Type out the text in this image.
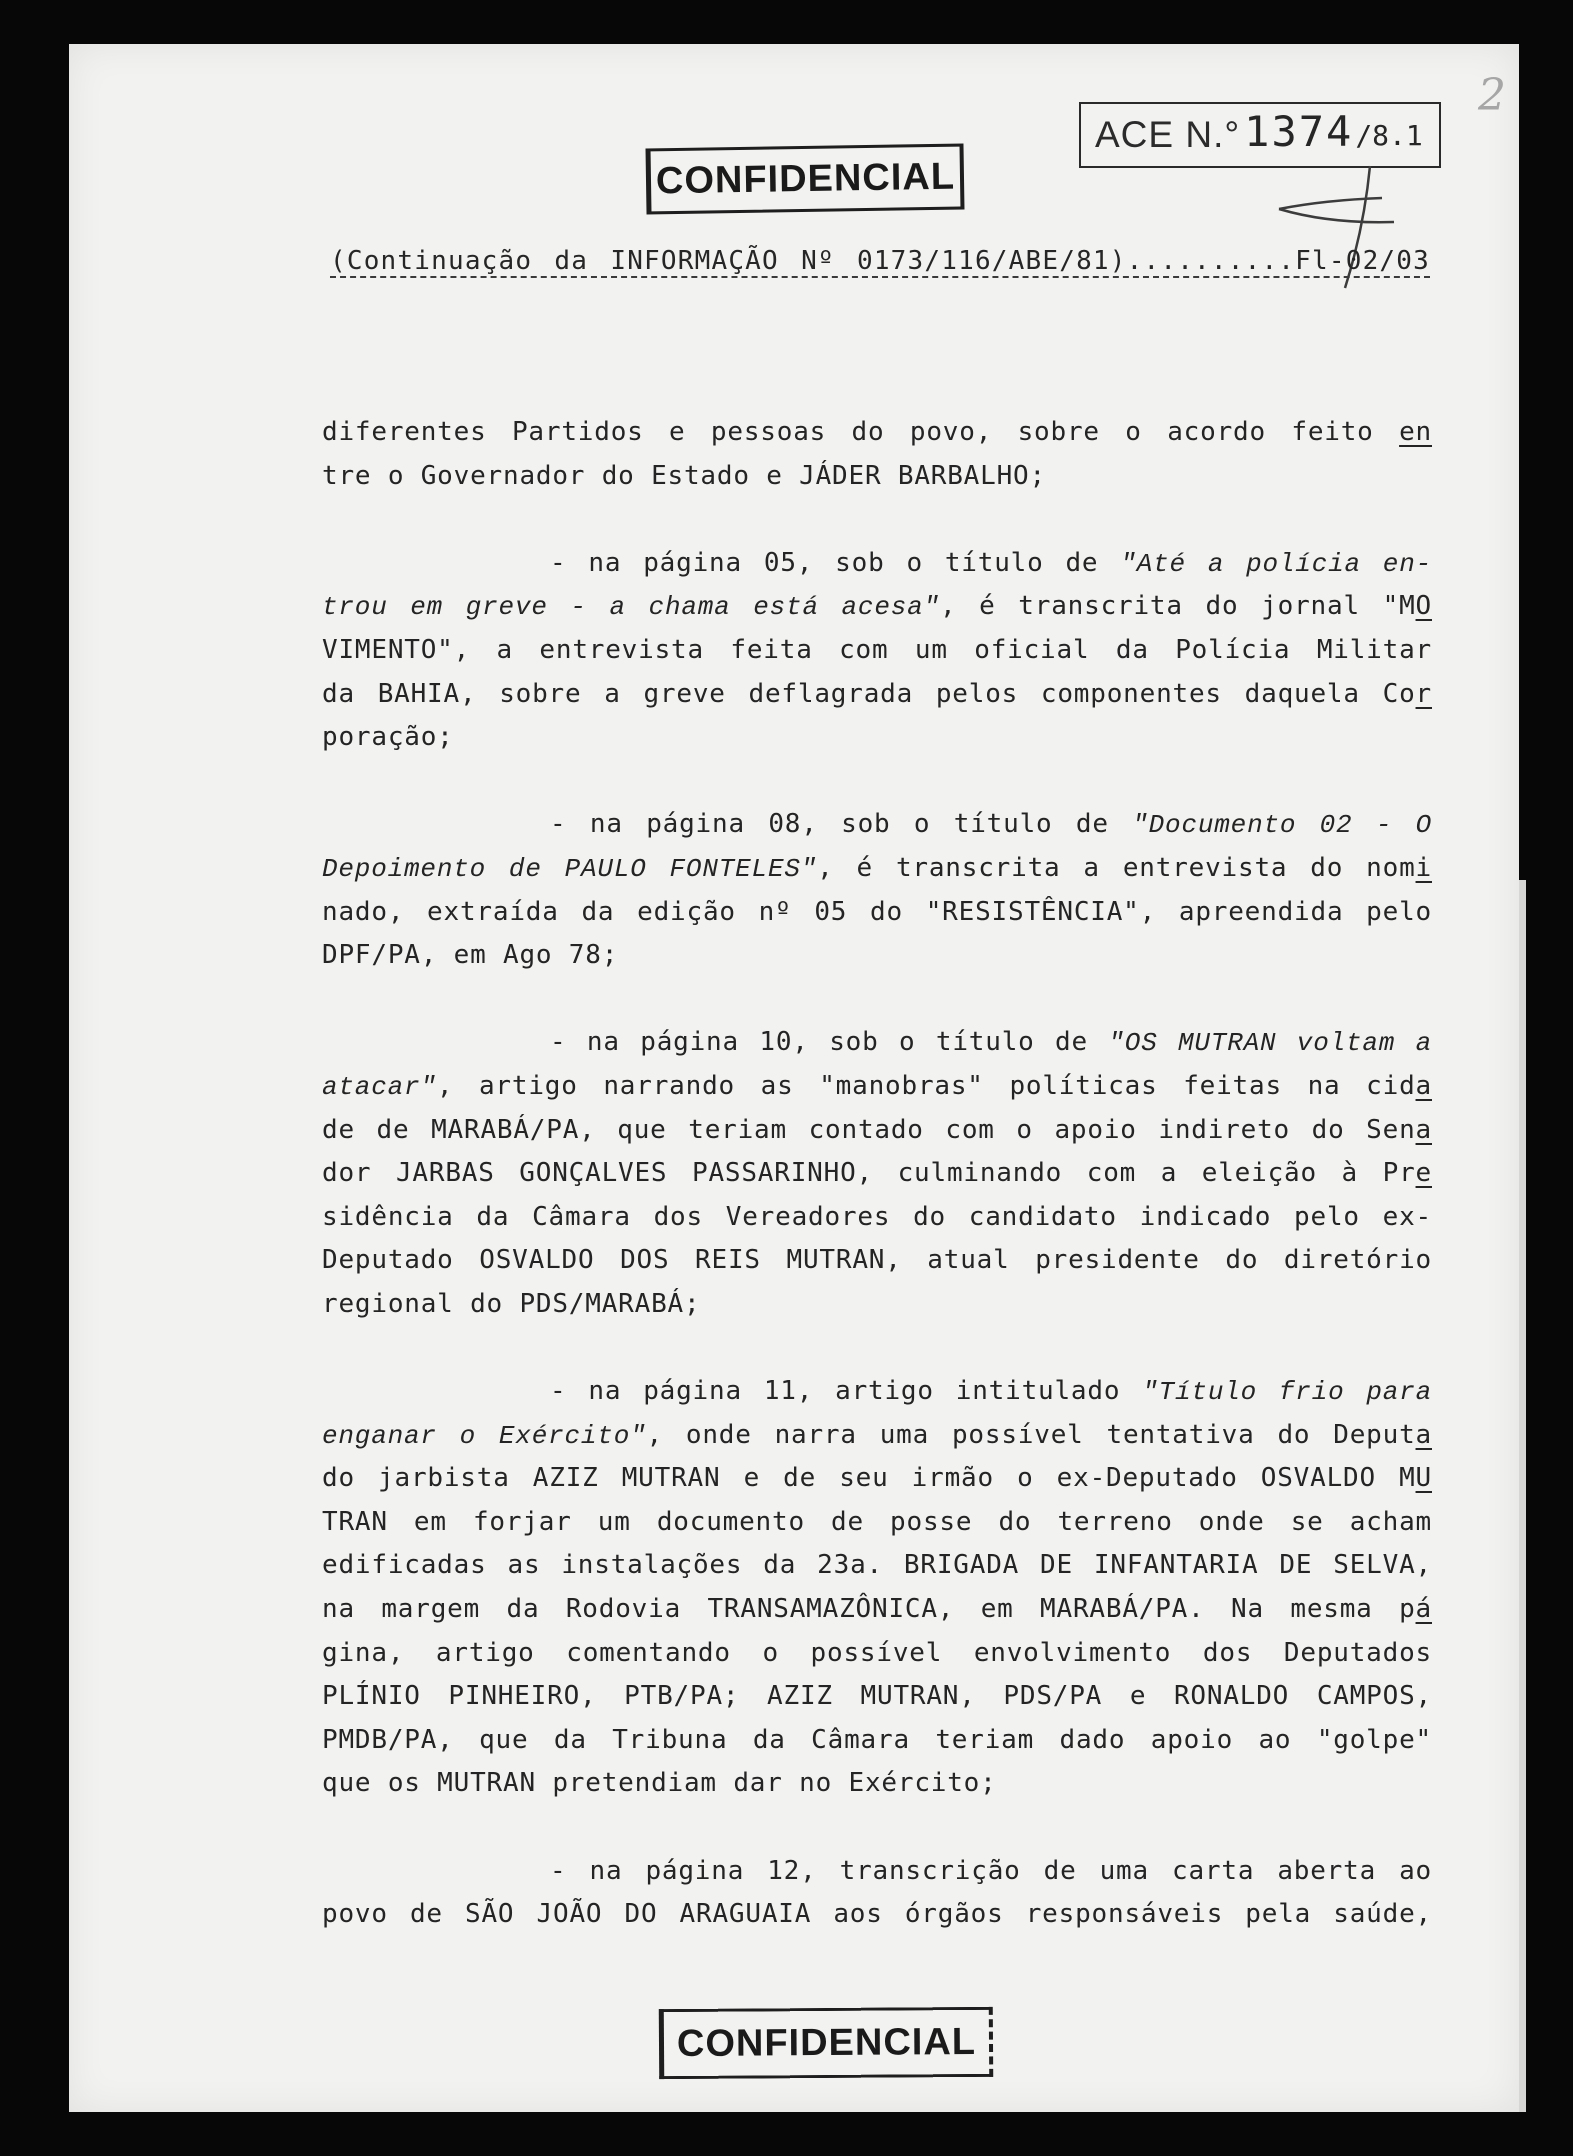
2
CONFIDENCIAL
ACE N.° 1374 /8.1
(Continuação da INFORMAÇÃO Nº 0173/116/ABE/81)..........Fl-02/03
diferentes Partidos e pessoas do povo, sobre o acordo feito en
tre o Governador do Estado e JÁDER BARBALHO;
- na página 05, sob o título de "Até a polícia en-
trou em greve - a chama está acesa", é transcrita do jornal "MO
VIMENTO", a entrevista feita com um oficial da Polícia Militar
da BAHIA, sobre a greve deflagrada pelos componentes daquela Cor
poração;
- na página 08, sob o título de "Documento 02 - O
Depoimento de PAULO FONTELES", é transcrita a entrevista do nomi
nado, extraída da edição nº 05 do "RESISTÊNCIA", apreendida pelo
DPF/PA, em Ago 78;
- na página 10, sob o título de "OS MUTRAN voltam a
atacar", artigo narrando as "manobras" políticas feitas na cida
de de MARABÁ/PA, que teriam contado com o apoio indireto do Sena
dor JARBAS GONÇALVES PASSARINHO, culminando com a eleição à Pre
sidência da Câmara dos Vereadores do candidato indicado pelo ex-
Deputado OSVALDO DOS REIS MUTRAN, atual presidente do diretório
regional do PDS/MARABÁ;
- na página 11, artigo intitulado "Título frio para
enganar o Exército", onde narra uma possível tentativa do Deputa
do jarbista AZIZ MUTRAN e de seu irmão o ex-Deputado OSVALDO MU
TRAN em forjar um documento de posse do terreno onde se acham
edificadas as instalações da 23a. BRIGADA DE INFANTARIA DE SELVA,
na margem da Rodovia TRANSAMAZÔNICA, em MARABÁ/PA. Na mesma pá
gina, artigo comentando o possível envolvimento dos Deputados
PLÍNIO PINHEIRO, PTB/PA; AZIZ MUTRAN, PDS/PA e RONALDO CAMPOS,
PMDB/PA, que da Tribuna da Câmara teriam dado apoio ao "golpe"
que os MUTRAN pretendiam dar no Exército;
- na página 12, transcrição de uma carta aberta ao
povo de SÃO JOÃO DO ARAGUAIA aos órgãos responsáveis pela saúde,
CONFIDENCIAL
